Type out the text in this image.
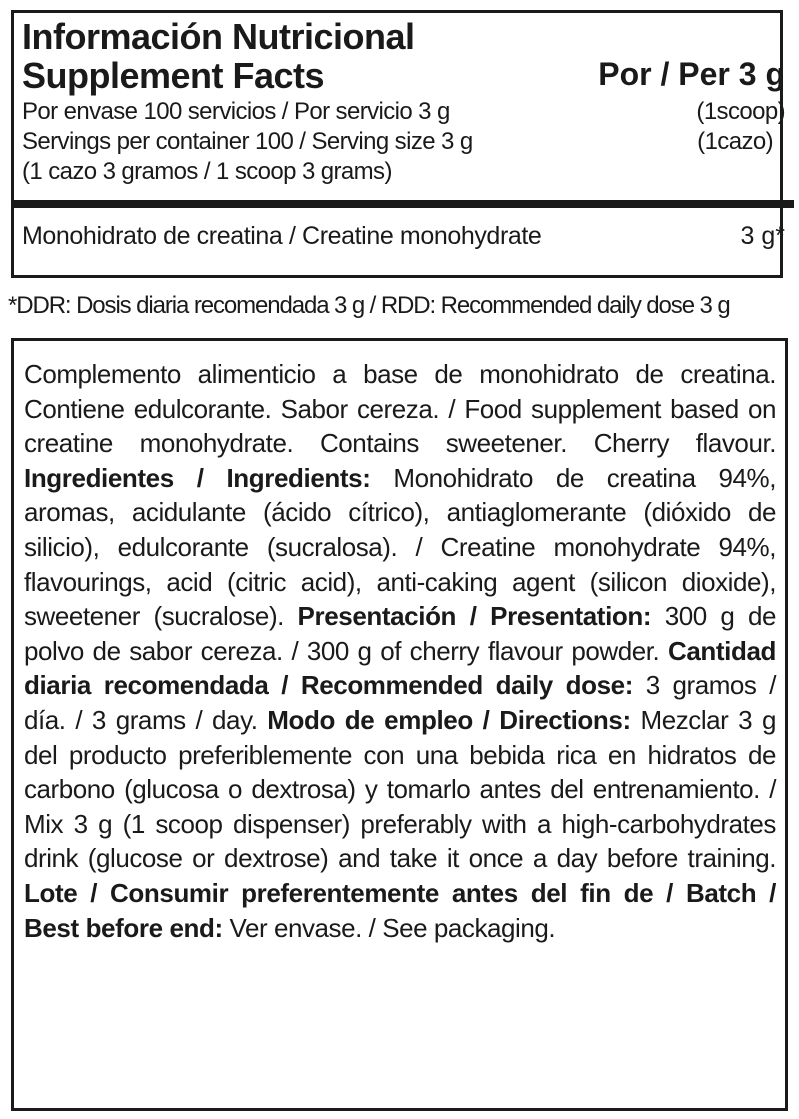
Información Nutricional
Supplement Facts	Por / Per 3 g
Por envase 100 servicios / Por servicio 3 g
Servings per container 100 / Serving size 3 g
(1 cazo 3 gramos / 1 scoop 3 grams)
(1scoop)
(1cazo)
Monohidrato de creatina / Creatine monohydrate	3 g*
*DDR: Dosis diaria recomendada 3 g / RDD: Recommended daily dose 3 g
Complemento alimenticio a base de monohidrato de creatina. Contiene edulcorante. Sabor cereza. / Food supplement based on creatine monohydrate. Contains sweetener. Cherry flavour. Ingredientes / Ingredients: Monohidrato de creatina 94%, aromas, acidulante (ácido cítrico), antiaglomerante (dióxido de silicio), edulcorante (sucralosa). / Creatine monohydrate 94%, flavourings, acid (citric acid), anti-caking agent (silicon dioxide), sweetener (sucralose). Presentación / Presentation: 300 g de polvo de sabor cereza. / 300 g of cherry flavour powder. Cantidad diaria recomendada / Recommended daily dose: 3 gramos / día. / 3 grams / day. Modo de empleo / Directions: Mezclar 3 g del producto preferiblemente con una bebida rica en hidratos de carbono (glucosa o dextrosa) y tomarlo antes del entrenamiento. / Mix 3 g (1 scoop dispenser) preferably with a high-carbohydrates drink (glucose or dextrose) and take it once a day before training. Lote / Consumir preferentemente antes del fin de / Batch / Best before end: Ver envase. / See packaging.
